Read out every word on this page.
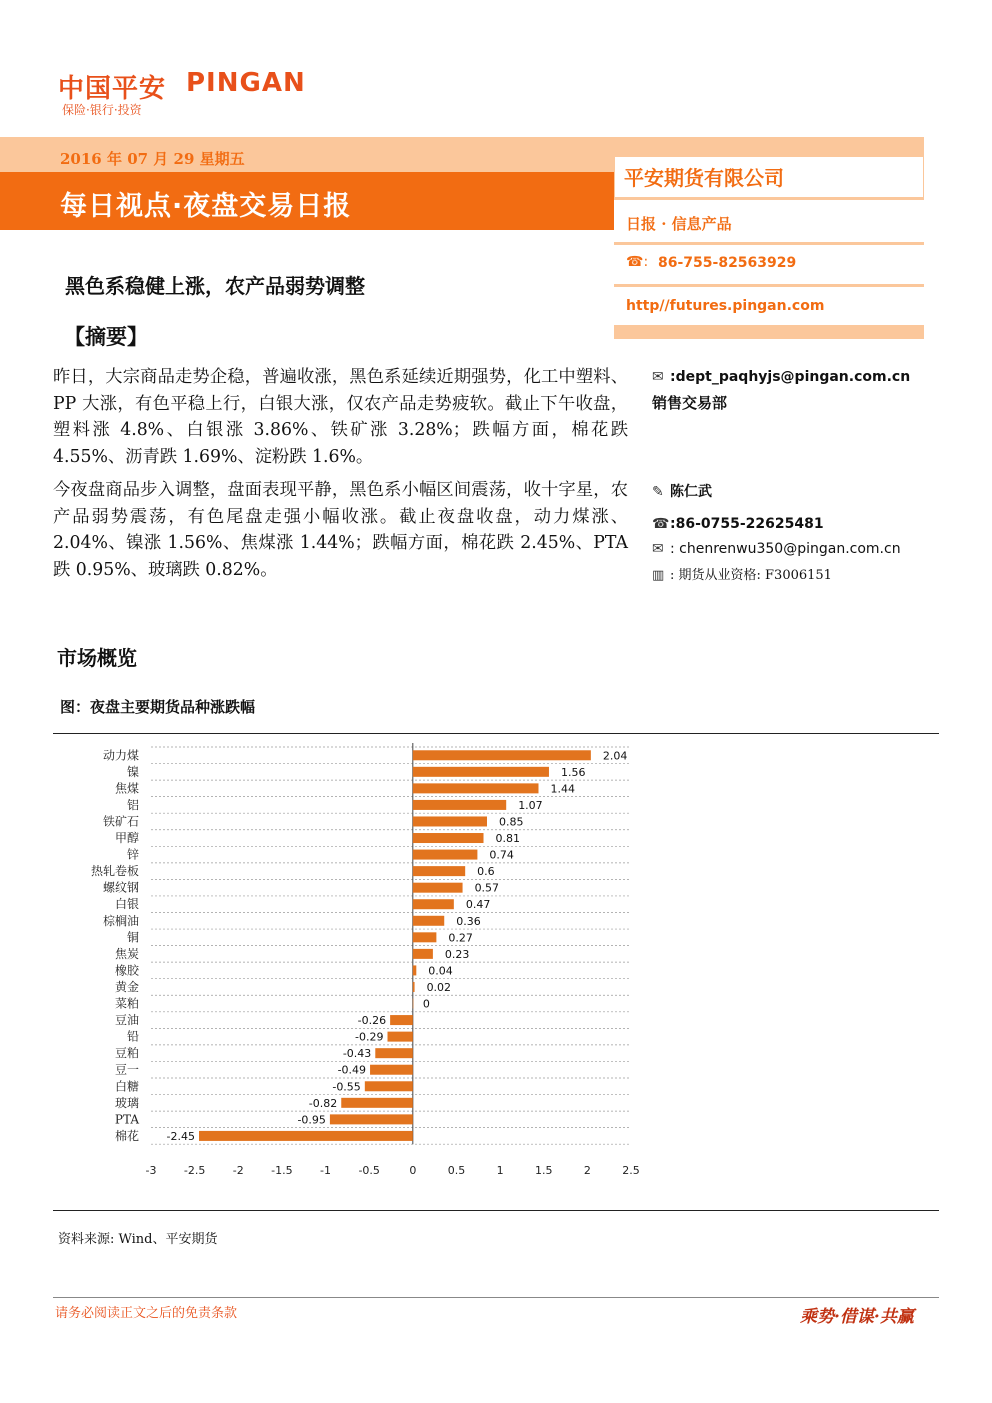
中国平安 PINGAN
保险·银行·投资
2016 年 07 月 29 星期五
每日视点·夜盘交易日报
平安期货有限公司
日报 · 信息产品
☎: 86-755-82563929
http//futures.pingan.com
黑色系稳健上涨，农产品弱势调整
【摘要】
昨日，大宗商品走势企稳，普遍收涨，黑色系延续近期强势，化工中塑料、PP 大涨，有色平稳上行，白银大涨，仅农产品走势疲软。截止下午收盘，塑料涨 4.8%、白银涨 3.86%、铁矿涨 3.28%；跌幅方面，棉花跌 4.55%、沥青跌 1.69%、淀粉跌 1.6%。
今夜盘商品步入调整，盘面表现平静，黑色系小幅区间震荡，收十字星，农产品弱势震荡，有色尾盘走强小幅收涨。截止夜盘收盘，动力煤涨、2.04%、镍涨 1.56%、焦煤涨 1.44%；跌幅方面，棉花跌 2.45%、PTA 跌 0.95%、玻璃跌 0.82%。
✉ :dept_paqhyjs@pingan.com.cn
销售交易部
✎ 陈仁武
☎:86-0755-22625481
✉ : chenrenwu350@pingan.com.cn
▥ : 期货从业资格: F3006151
市场概览
图：夜盘主要期货品种涨跌幅
动力煤	2.04
镍	1.56
焦煤	1.44
铝	1.07
铁矿石	0.85
甲醇	0.81
锌	0.74
热轧卷板	0.6
螺纹钢	0.57
白银	0.47
棕榈油	0.36
铜	0.27
焦炭	0.23
橡胶	0.04
黄金	0.02
菜粕	0
豆油	-0.26
铅	-0.29
豆粕	-0.43
豆一	-0.49
白糖	-0.55
玻璃	-0.82
PTA	-0.95
棉花	-2.45
-3 -2.5 -2 -1.5 -1 -0.5	0	0.5	1	1.5	2	2.5
资料来源: Wind、平安期货
请务必阅读正文之后的免责条款	乘势·借谋·共赢
